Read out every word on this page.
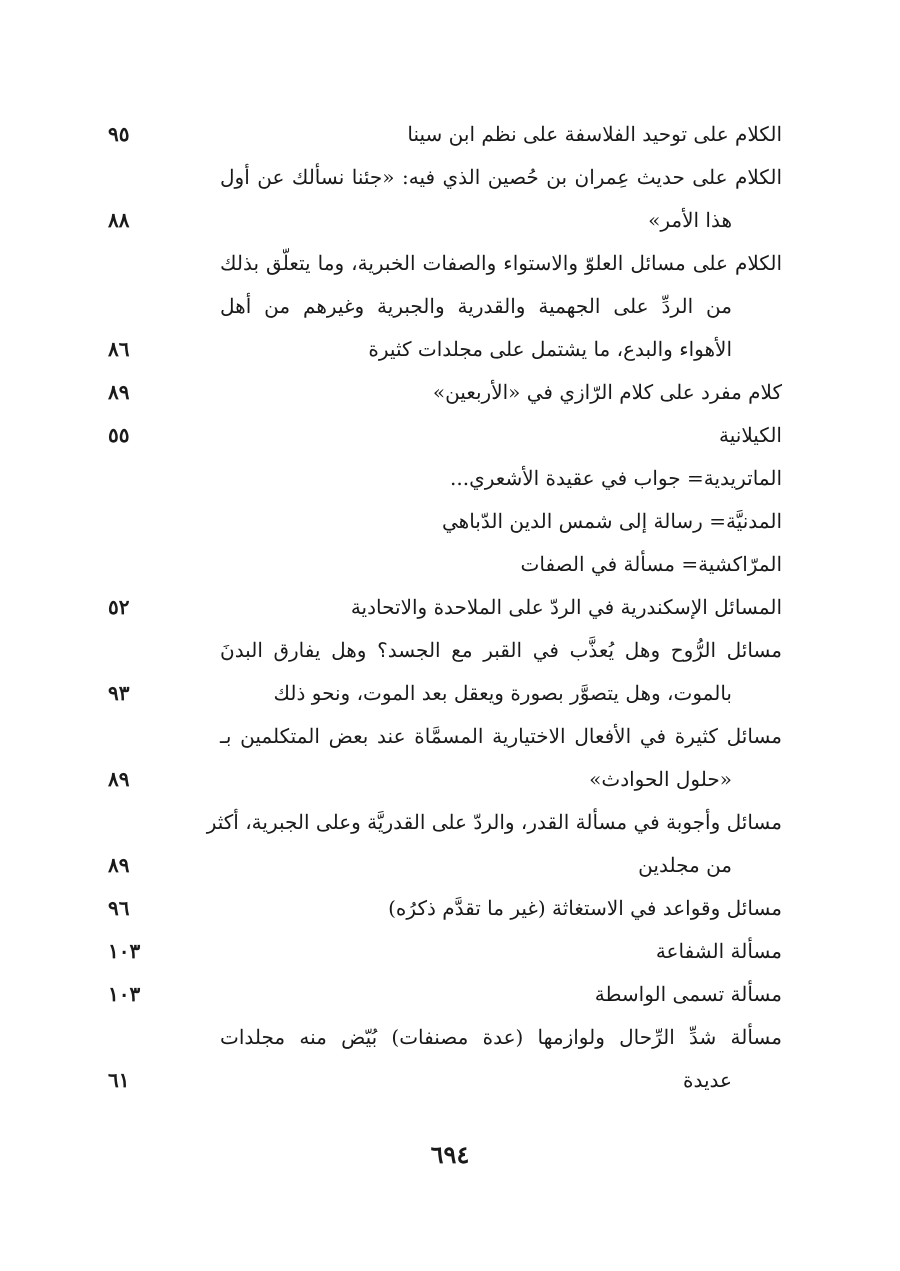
الكلام على توحيد الفلاسفة على نظم ابن سينا
٩٥
الكلام على حديث عِمران بن حُصين الذي فيه: «جئنا نسألك عن أول
هذا الأمر»
٨٨
الكلام على مسائل العلوّ والاستواء والصفات الخبرية، وما يتعلّق بذلك
من الردِّ على الجهمية والقدرية والجبرية وغيرهم من أهل
الأهواء والبدع، ما يشتمل على مجلدات كثيرة
٨٦
كلام مفرد على كلام الرّازي في «الأربعين»
٨٩
الكيلانية
٥٥
الماتريدية= جواب في عقيدة الأشعري...
المدنيَّة= رسالة إلى شمس الدين الدّباهي
المرّاكشية= مسألة في الصفات
المسائل الإسكندرية في الردّ على الملاحدة والاتحادية
٥٢
مسائل الرُّوح وهل يُعذَّب في القبر مع الجسد؟ وهل يفارق البدنَ
بالموت، وهل يتصوَّر بصورة ويعقل بعد الموت، ونحو ذلك
٩٣
مسائل كثيرة في الأفعال الاختيارية المسمَّاة عند بعض المتكلمين بـ
«حلول الحوادث»
٨٩
مسائل وأجوبة في مسألة القدر، والردّ على القدريَّة وعلى الجبرية، أكثر
من مجلدين
٨٩
مسائل وقواعد في الاستغاثة (غير ما تقدَّم ذكرُه)
٩٦
مسألة الشفاعة
١٠٣
مسألة تسمى الواسطة
١٠٣
مسألة شدِّ الرِّحال ولوازمها (عدة مصنفات) بُيّض منه مجلدات
عديدة
٦١
٦٩٤
